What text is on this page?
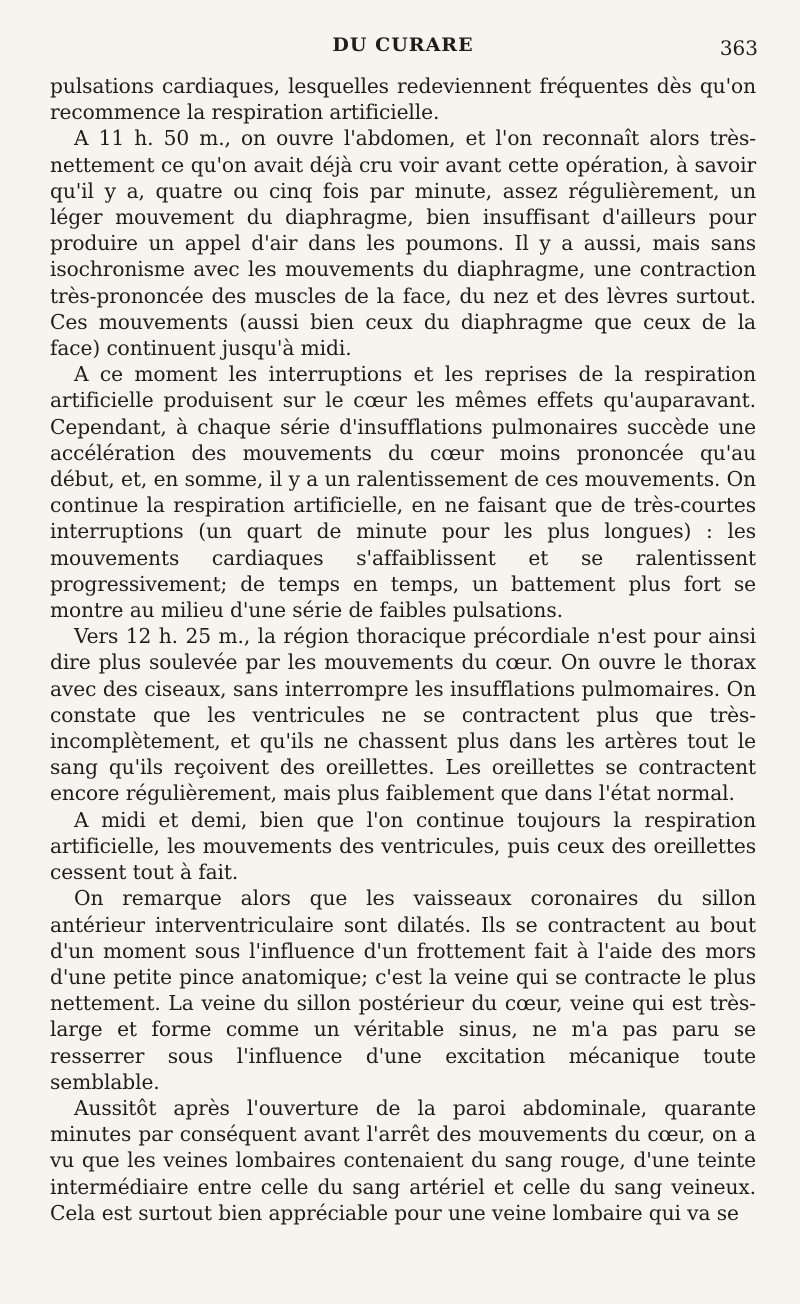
DU CURARE	363

pulsations cardiaques, lesquelles redeviennent fréquentes dès qu'on recommence la respiration artificielle.

A 11 h. 50 m., on ouvre l'abdomen, et l'on reconnaît alors très-nettement ce qu'on avait déjà cru voir avant cette opération, à savoir qu'il y a, quatre ou cinq fois par minute, assez régulièrement, un léger mouvement du diaphragme, bien insuffisant d'ailleurs pour produire un appel d'air dans les poumons. Il y a aussi, mais sans isochronisme avec les mouvements du diaphragme, une contraction très-prononcée des muscles de la face, du nez et des lèvres surtout. Ces mouvements (aussi bien ceux du diaphragme que ceux de la face) continuent jusqu'à midi.

A ce moment les interruptions et les reprises de la respiration artificielle produisent sur le cœur les mêmes effets qu'auparavant. Cependant, à chaque série d'insufflations pulmonaires succède une accélération des mouvements du cœur moins prononcée qu'au début, et, en somme, il y a un ralentissement de ces mouvements. On continue la respiration artificielle, en ne faisant que de très-courtes interruptions (un quart de minute pour les plus longues) : les mouvements cardiaques s'affaiblissent et se ralentissent progressivement; de temps en temps, un battement plus fort se montre au milieu d'une série de faibles pulsations.

Vers 12 h. 25 m., la région thoracique précordiale n'est pour ainsi dire plus soulevée par les mouvements du cœur. On ouvre le thorax avec des ciseaux, sans interrompre les insufflations pulmomaires. On constate que les ventricules ne se contractent plus que très-incomplètement, et qu'ils ne chassent plus dans les artères tout le sang qu'ils reçoivent des oreillettes. Les oreillettes se contractent encore régulièrement, mais plus faiblement que dans l'état normal.

A midi et demi, bien que l'on continue toujours la respiration artificielle, les mouvements des ventricules, puis ceux des oreillettes cessent tout à fait.

On remarque alors que les vaisseaux coronaires du sillon antérieur interventriculaire sont dilatés. Ils se contractent au bout d'un moment sous l'influence d'un frottement fait à l'aide des mors d'une petite pince anatomique; c'est la veine qui se contracte le plus nettement. La veine du sillon postérieur du cœur, veine qui est très-large et forme comme un véritable sinus, ne m'a pas paru se resserrer sous l'influence d'une excitation mécanique toute semblable.

Aussitôt après l'ouverture de la paroi abdominale, quarante minutes par conséquent avant l'arrêt des mouvements du cœur, on a vu que les veines lombaires contenaient du sang rouge, d'une teinte intermédiaire entre celle du sang artériel et celle du sang veineux. Cela est surtout bien appréciable pour une veine lombaire qui va se
